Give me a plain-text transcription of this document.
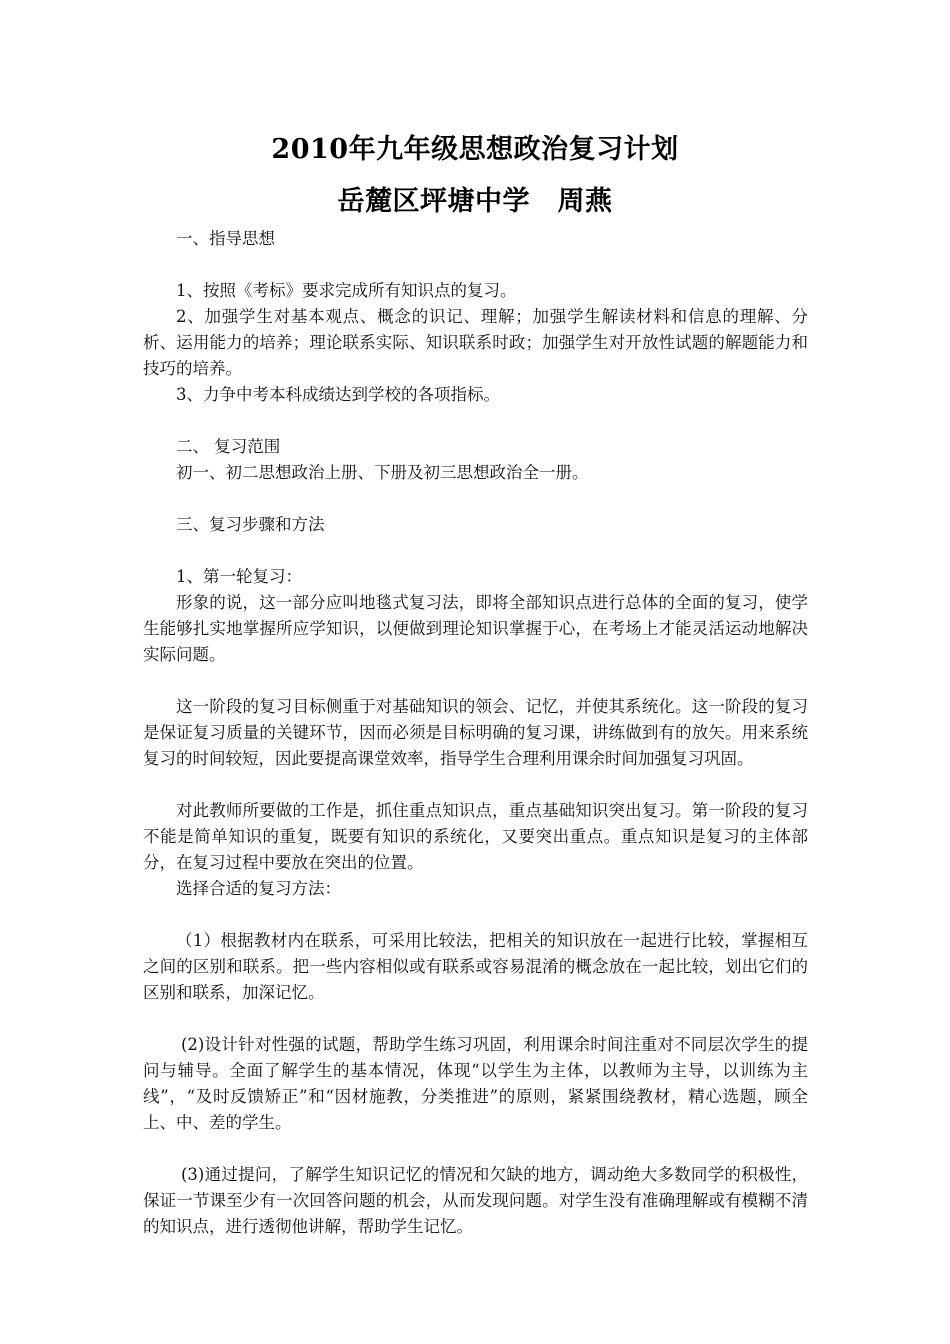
2010年九年级思想政治复习计划
岳麓区坪塘中学　周燕

一、指导思想

1、按照《考标》要求完成所有知识点的复习。

2、加强学生对基本观点、概念的识记、理解；加强学生解读材料和信息的理解、分析、运用能力的培养；理论联系实际、知识联系时政；加强学生对开放性试题的解题能力和技巧的培养。

3、力争中考本科成绩达到学校的各项指标。

二、 复习范围

初一、初二思想政治上册、下册及初三思想政治全一册。

三、复习步骤和方法

1、第一轮复习：

形象的说，这一部分应叫地毯式复习法，即将全部知识点进行总体的全面的复习，使学生能够扎实地掌握所应学知识，以便做到理论知识掌握于心，在考场上才能灵活运动地解决实际问题。

这一阶段的复习目标侧重于对基础知识的领会、记忆，并使其系统化。这一阶段的复习是保证复习质量的关键环节，因而必须是目标明确的复习课，讲练做到有的放矢。用来系统复习的时间较短，因此要提高课堂效率，指导学生合理利用课余时间加强复习巩固。

对此教师所要做的工作是，抓住重点知识点，重点基础知识突出复习。第一阶段的复习不能是简单知识的重复，既要有知识的系统化，又要突出重点。重点知识是复习的主体部分，在复习过程中要放在突出的位置。

选择合适的复习方法：

（1）根据教材内在联系，可采用比较法，把相关的知识放在一起进行比较，掌握相互之间的区别和联系。把一些内容相似或有联系或容易混淆的概念放在一起比较，划出它们的区别和联系，加深记忆。

(2)设计针对性强的试题，帮助学生练习巩固，利用课余时间注重对不同层次学生的提问与辅导。全面了解学生的基本情况，体现“以学生为主体，以教师为主导，以训练为主线”，“及时反馈矫正”和“因材施教，分类推进”的原则，紧紧围绕教材，精心选题，顾全上、中、差的学生。

(3)通过提问，了解学生知识记忆的情况和欠缺的地方，调动绝大多数同学的积极性，保证一节课至少有一次回答问题的机会，从而发现问题。对学生没有准确理解或有模糊不清的知识点，进行透彻他讲解，帮助学生记忆。
